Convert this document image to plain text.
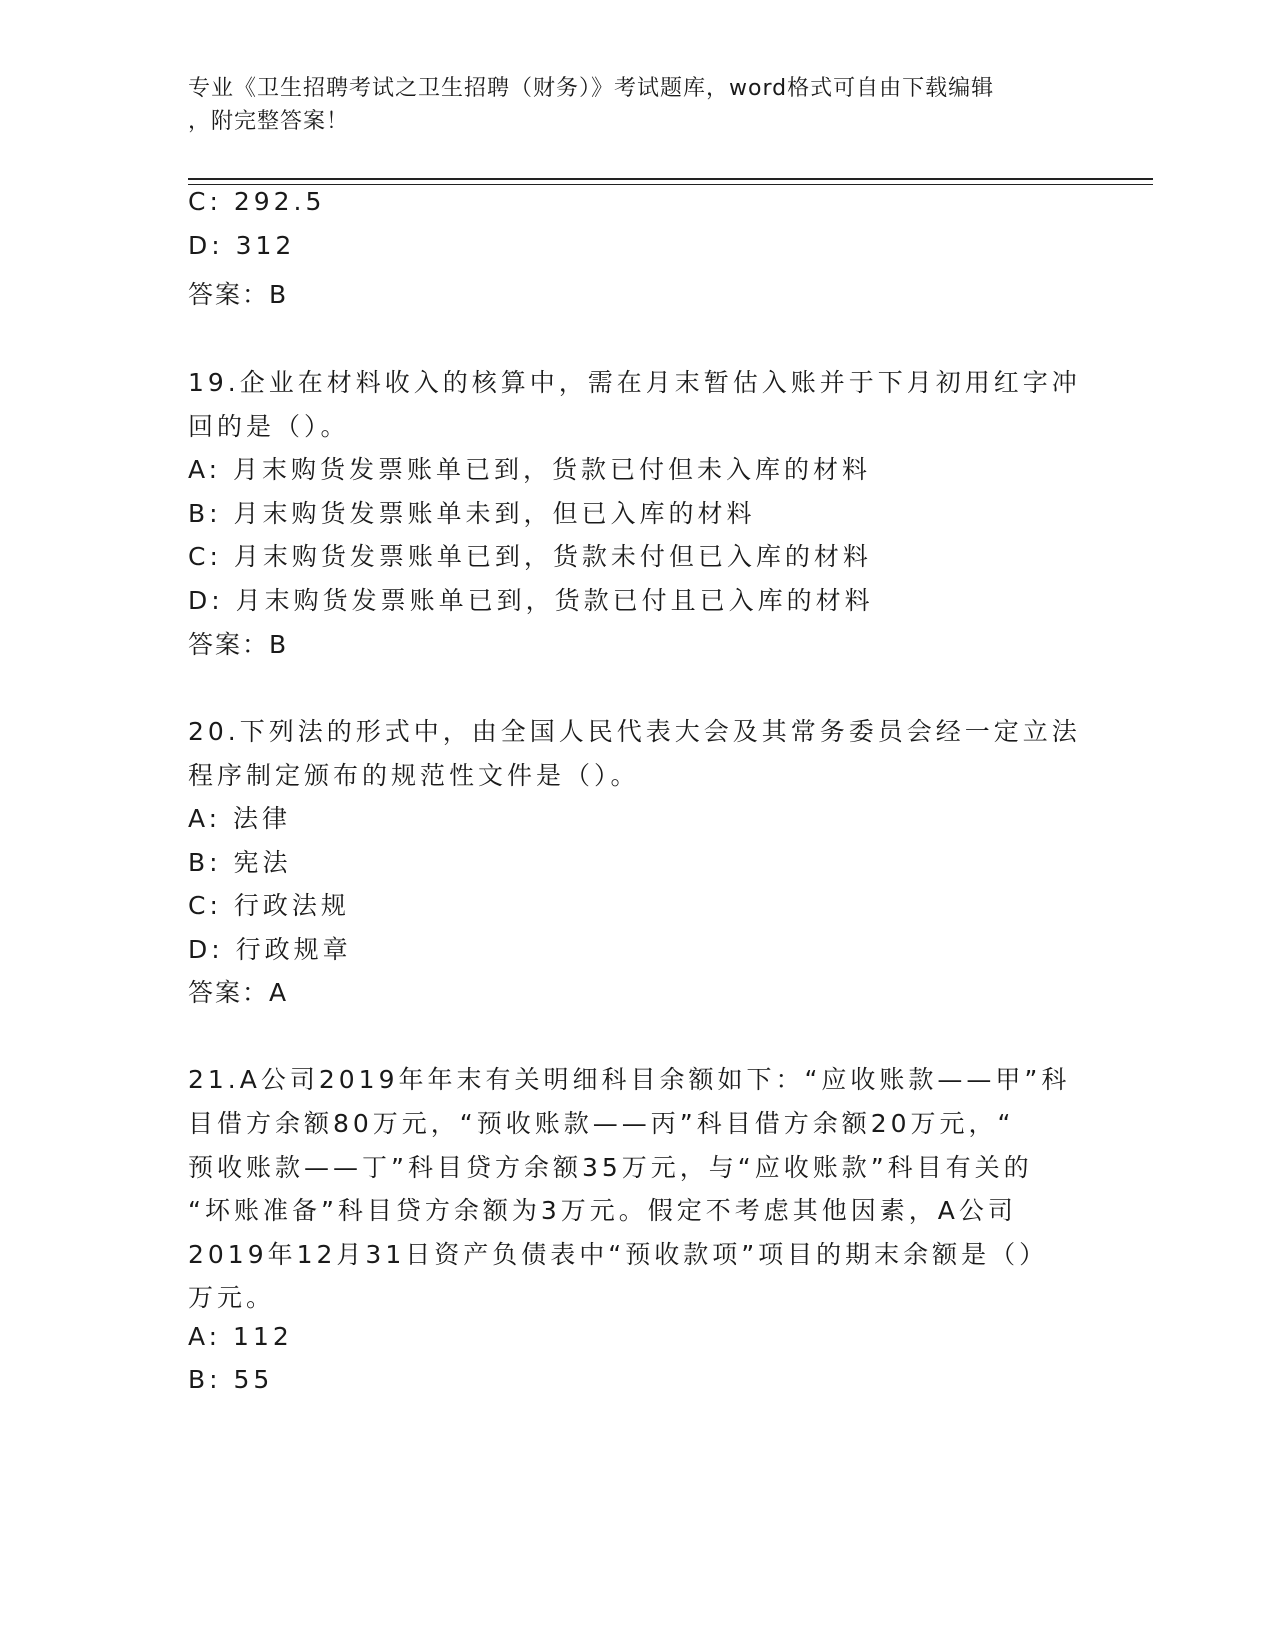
专业《卫生招聘考试之卫生招聘（财务）》考试题库，word格式可自由下载编辑
，附完整答案！
C: 292.5
D: 312
答案：B
19.企业在材料收入的核算中，需在月末暂估入账并于下月初用红字冲
回的是（）。
A: 月末购货发票账单已到，货款已付但未入库的材料
B: 月末购货发票账单未到，但已入库的材料
C: 月末购货发票账单已到，货款未付但已入库的材料
D: 月末购货发票账单已到，货款已付且已入库的材料
答案：B
20.下列法的形式中，由全国人民代表大会及其常务委员会经一定立法
程序制定颁布的规范性文件是（）。
A: 法律
B: 宪法
C: 行政法规
D: 行政规章
答案：A
21.A公司2019年年末有关明细科目余额如下：“应收账款——甲”科
目借方余额80万元，“预收账款——丙”科目借方余额20万元，“
预收账款——丁”科目贷方余额35万元，与“应收账款”科目有关的
“坏账准备”科目贷方余额为3万元。假定不考虑其他因素，A公司
2019年12月31日资产负债表中“预收款项”项目的期末余额是（）
万元。
A: 112
B: 55
